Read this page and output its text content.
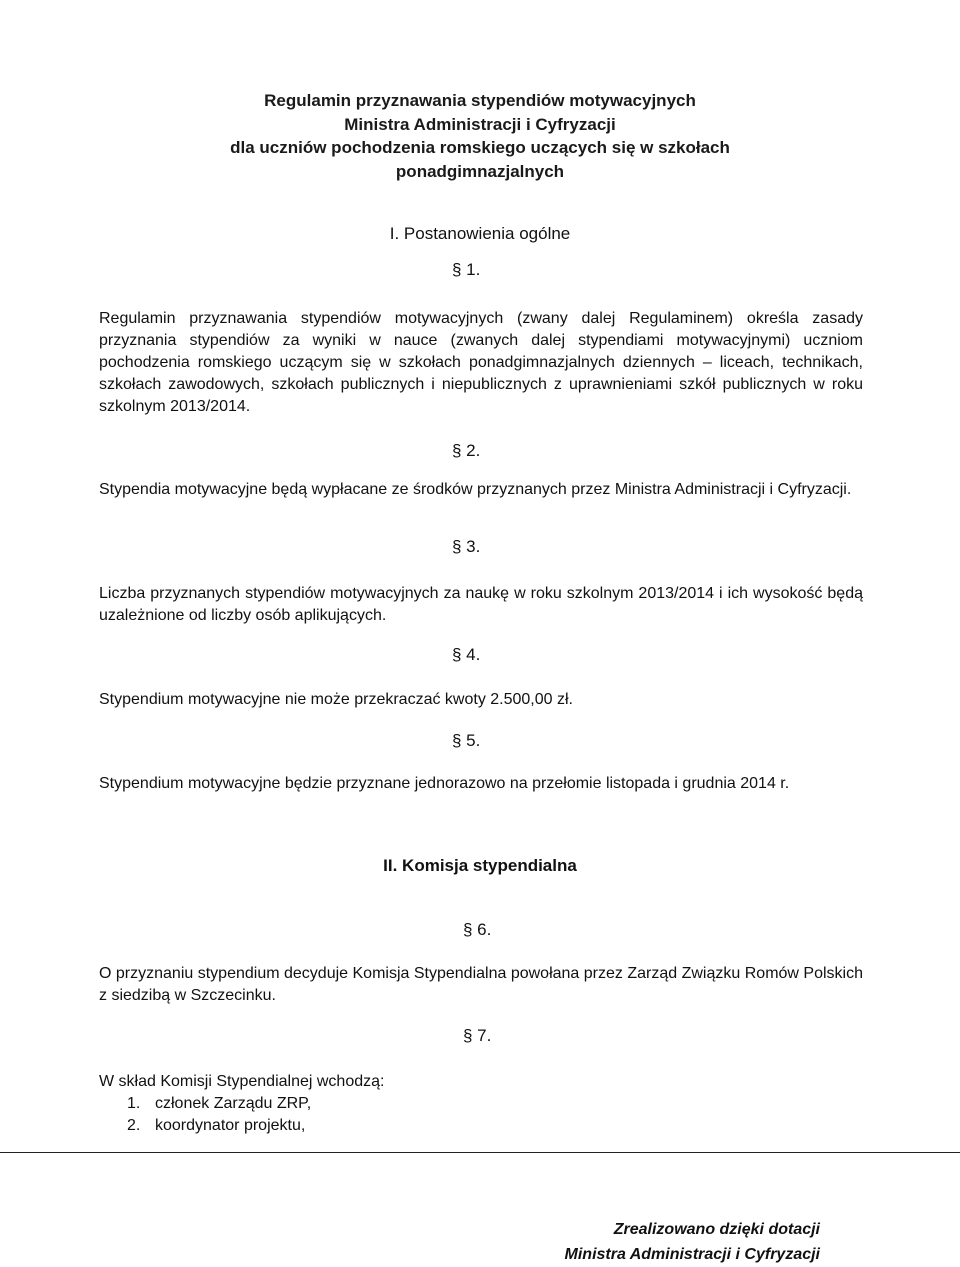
Regulamin przyznawania stypendiów motywacyjnych
Ministra Administracji i Cyfryzacji
dla uczniów pochodzenia romskiego uczących się w szkołach
ponadgimnazjalnych
I. Postanowienia ogólne
§ 1.

Regulamin przyznawania stypendiów motywacyjnych (zwany dalej Regulaminem) określa zasady przyznania stypendiów za wyniki w nauce (zwanych dalej stypendiami motywacyjnymi) uczniom pochodzenia romskiego uczącym się w szkołach ponadgimnazjalnych dziennych – liceach, technikach, szkołach zawodowych, szkołach publicznych i niepublicznych z uprawnieniami szkół publicznych w roku szkolnym 2013/2014.

§ 2.

Stypendia motywacyjne będą wypłacane ze środków przyznanych przez Ministra Administracji i Cyfryzacji.

§ 3.

Liczba przyznanych stypendiów motywacyjnych za naukę w roku szkolnym 2013/2014 i ich wysokość będą uzależnione od liczby osób aplikujących.

§ 4.

Stypendium motywacyjne nie może przekraczać kwoty 2.500,00 zł.

§ 5.

Stypendium motywacyjne będzie przyznane jednorazowo na przełomie listopada i grudnia 2014 r.

II. Komisja stypendialna
§ 6.

O przyznaniu stypendium decyduje Komisja Stypendialna powołana przez Zarząd Związku Romów Polskich z siedzibą w Szczecinku.

§ 7.
W skład Komisji Stypendialnej wchodzą:
1. członek Zarządu ZRP,
2. koordynator projektu,
Zrealizowano dzięki dotacji
Ministra Administracji i Cyfryzacji
